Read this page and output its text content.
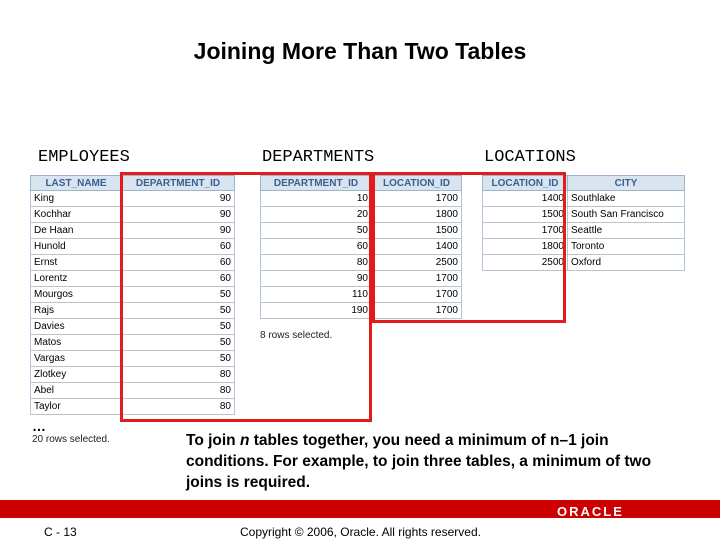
Joining More Than Two Tables
EMPLOYEES	DEPARTMENTS	LOCATIONS
LAST_NAME	DEPARTMENT_ID
King	90
Kochhar	90
De Haan	90
Hunold	60
Ernst	60
Lorentz	60
Mourgos	50
Rajs	50
Davies	50
Matos	50
Vargas	50
Zlotkey	80
Abel	80
Taylor	80
…
20 rows selected.
DEPARTMENT_ID	LOCATION_ID
10	1700
20	1800
50	1500
60	1400
80	2500
90	1700
110	1700
190	1700
8 rows selected.
LOCATION_ID	CITY
1400	Southlake
1500	South San Francisco
1700	Seattle
1800	Toronto
2500	Oxford
To join n tables together, you need a minimum of n–1 join conditions. For example, to join three tables, a minimum of two joins is required.
ORACLE
C - 13	Copyright © 2006, Oracle. All rights reserved.
